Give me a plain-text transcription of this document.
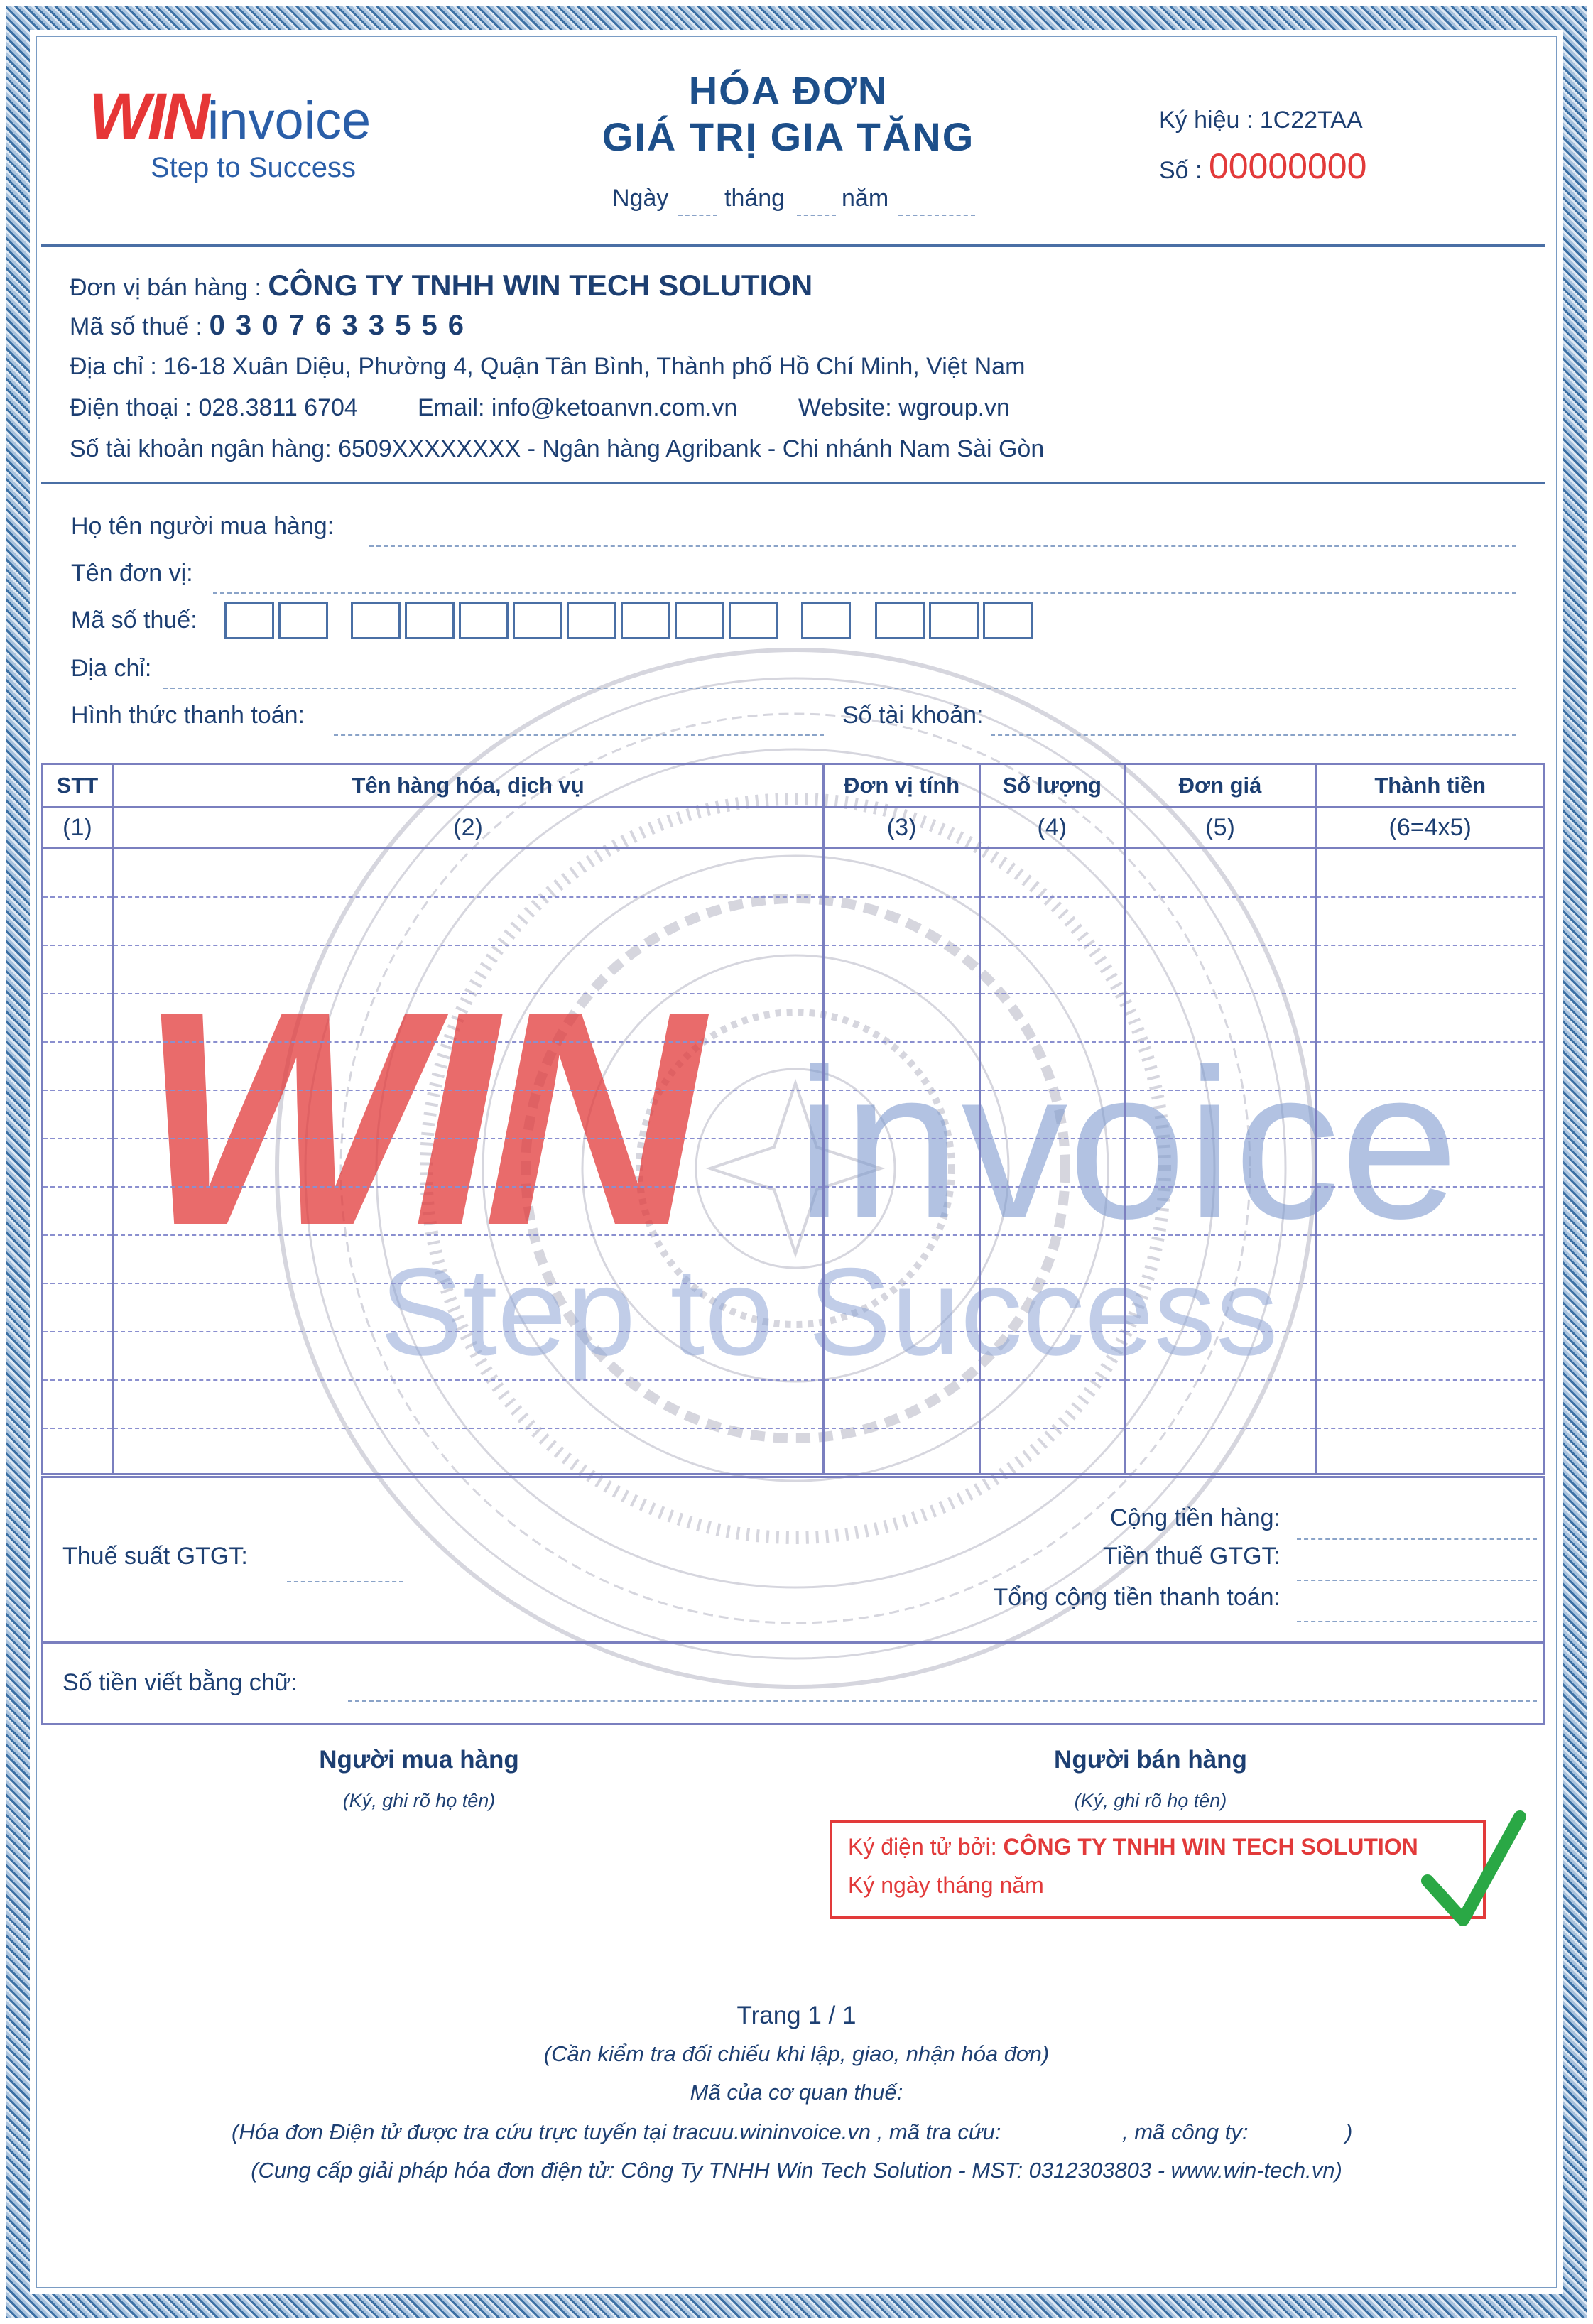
WIN invoice
Step to Success
WINinvoice
Step to Success
HÓA ĐƠN
GIÁ TRỊ GIA TĂNG
Ngày tháng năm
Ký hiệu : 1C22TAA
Số : 00000000
Đơn vị bán hàng : CÔNG TY TNHH WIN TECH SOLUTION
Mã số thuế : 0 3 0 7 6 3 3 5 5 6
Địa chỉ : 16-18 Xuân Diệu, Phường 4, Quận Tân Bình, Thành phố Hồ Chí Minh, Việt Nam
Điện thoại : 028.3811 6704 Email: info@ketoanvn.com.vn	Website: wgroup.vn
Số tài khoản ngân hàng: 6509XXXXXXXX - Ngân hàng Agribank - Chi nhánh Nam Sài Gòn
Họ tên người mua hàng:
Tên đơn vị:
Mã số thuế:
Địa chỉ:
Hình thức thanh toán:	Số tài khoản:
STT	Tên hàng hóa, dịch vụ	Đơn vị tính	Số lượng	Đơn giá	Thành tiền
(1)	(2)	(3)	(4)	(5)	(6=4x5)

Thuế suất GTGT:
Cộng tiền hàng:
Tiền thuế GTGT:
Tổng cộng tiền thanh toán:
Số tiền viết bằng chữ:
Người mua hàng
(Ký, ghi rõ họ tên)
Người bán hàng
(Ký, ghi rõ họ tên)
Ký điện tử bởi: CÔNG TY TNHH WIN TECH SOLUTION
Ký ngày tháng năm
Trang 1 / 1
(Cần kiểm tra đối chiếu khi lập, giao, nhận hóa đơn)
Mã của cơ quan thuế:
(Hóa đơn Điện tử được tra cứu trực tuyến tại tracuu.wininvoice.vn , mã tra cứu:	, mã công ty:	)
(Cung cấp giải pháp hóa đơn điện tử: Công Ty TNHH Win Tech Solution - MST: 0312303803 - www.win-tech.vn)
